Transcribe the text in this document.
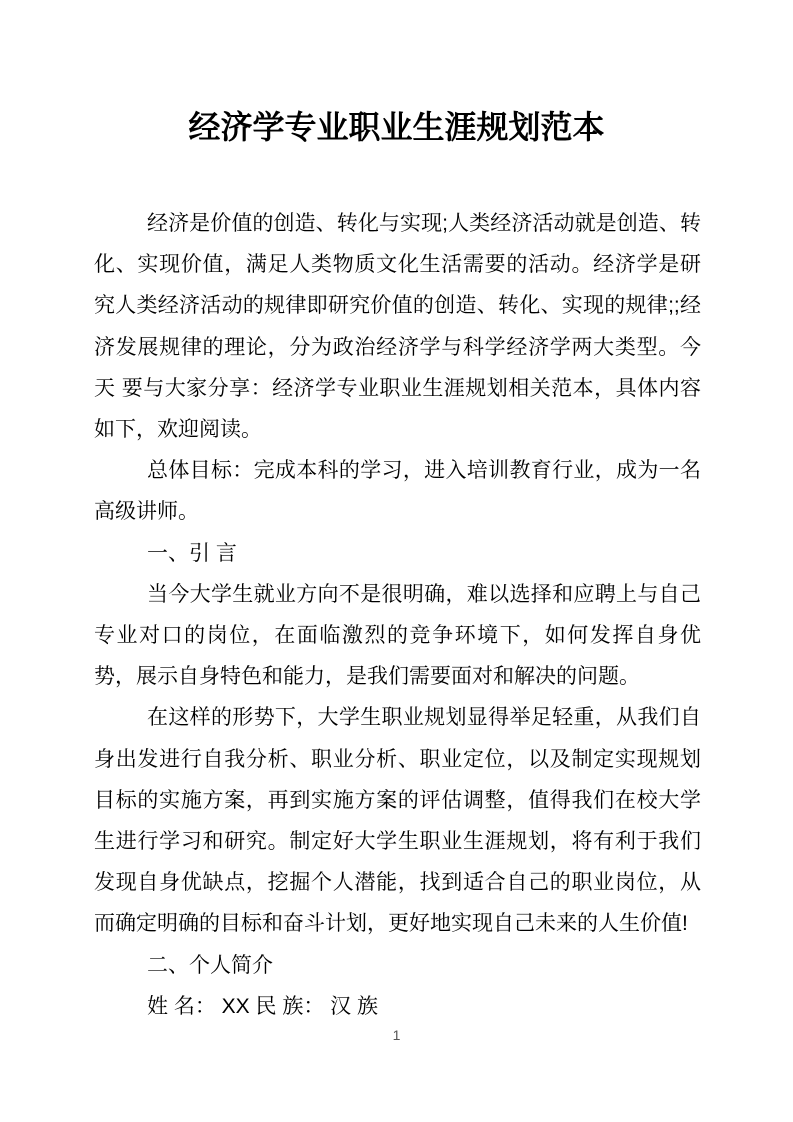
经济学专业职业生涯规划范本

经济是价值的创造、转化与实现;人类经济活动就是创造、转化、实现价值，满足人类物质文化生活需要的活动。经济学是研究人类经济活动的规律即研究价值的创造、转化、实现的规律;;经济发展规律的理论，分为政治经济学与科学经济学两大类型。今天 要与大家分享：经济学专业职业生涯规划相关范本，具体内容如下，欢迎阅读。

总体目标：完成本科的学习，进入培训教育行业，成为一名高级讲师。

一、引 言

当今大学生就业方向不是很明确，难以选择和应聘上与自己专业对口的岗位，在面临激烈的竞争环境下，如何发挥自身优势，展示自身特色和能力，是我们需要面对和解决的问题。

在这样的形势下，大学生职业规划显得举足轻重，从我们自身出发进行自我分析、职业分析、职业定位，以及制定实现规划目标的实施方案，再到实施方案的评估调整，值得我们在校大学生进行学习和研究。制定好大学生职业生涯规划，将有利于我们发现自身优缺点，挖掘个人潜能，找到适合自己的职业岗位，从而确定明确的目标和奋斗计划，更好地实现自己未来的人生价值!

二、个人简介

姓 名： XX 民 族： 汉 族

1
